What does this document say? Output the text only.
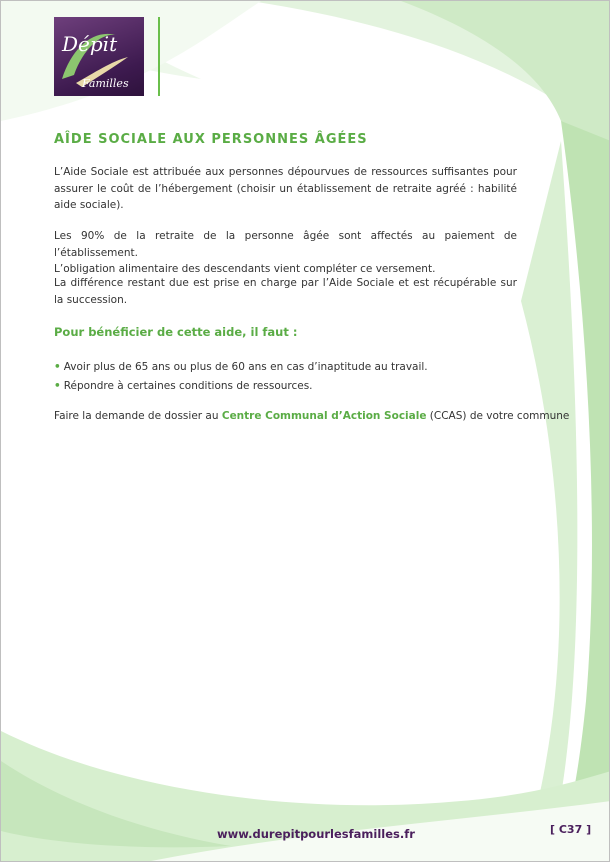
Dépit
Familles
AÎDE SOCIALE AUX PERSONNES ÂGÉES
L’Aide Sociale est attribuée aux personnes dépourvues de ressources suffisantes pour assurer le coût de l’hébergement (choisir un établissement de retraite agréé : habilité aide sociale).
Les 90% de la retraite de la personne âgée sont affectés au paiement de l’établissement.
L’obligation alimentaire des descendants vient compléter ce versement.
La différence restant due est prise en charge par l’Aide Sociale et est récupérable sur la succession.
Pour bénéficier de cette aide, il faut :
• Avoir plus de 65 ans ou plus de 60 ans en cas d’inaptitude au travail.
• Répondre à certaines conditions de ressources.
Faire la demande de dossier au Centre Communal d’Action Sociale (CCAS) de votre commune
www.durepitpourlesfamilles.fr	[ C37 ]
